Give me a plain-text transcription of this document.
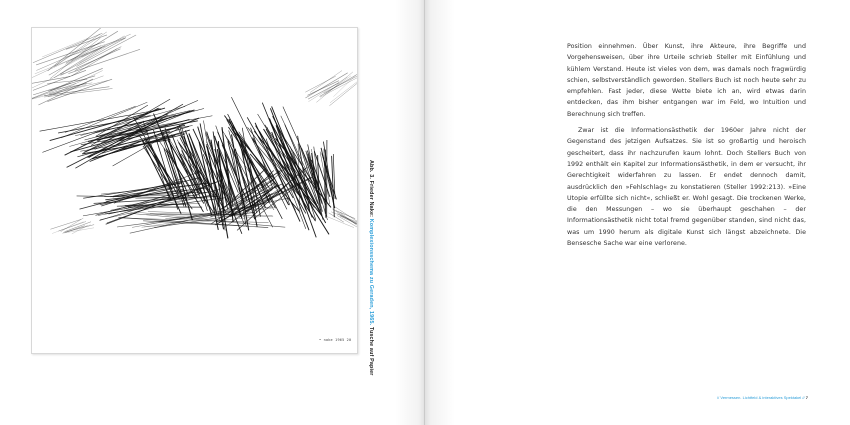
• nake 1965 20
Abb. 3. Frieder Nake: Komplexionsschema zu Geraden, 1965. Tusche auf Papier

Position einnehmen. Über Kunst, ihre Akteure, ihre Begriffe und Vorgehensweisen, über ihre Urteile schrieb Steller mit Einfühlung und kühlem Verstand. Heute ist vieles von dem, was damals noch fragwürdig schien, selbstverständlich geworden. Stellers Buch ist noch heute sehr zu empfehlen. Fast jeder, diese Wette biete ich an, wird etwas darin entdecken, das ihm bisher entgangen war im Feld, wo Intuition und Berechnung sich treffen.

Zwar ist die Informationsästhetik der 1960er Jahre nicht der Gegenstand des jetzigen Aufsatzes. Sie ist so großartig und heroisch gescheitert, dass ihr nachzurufen kaum lohnt. Doch Stellers Buch von 1992 enthält ein Kapitel zur Informationsästhetik, in dem er versucht, ihr Gerechtigkeit widerfahren zu lassen. Er endet dennoch damit, ausdrücklich den »Fehlschlag« zu konstatieren (Steller 1992:213). »Eine Utopie erfüllte sich nicht«, schließt er. Wohl gesagt. Die trockenen Werke, die den Messungen – wo sie überhaupt geschahen – der Informationsästhetik nicht total fremd gegenüber standen, sind nicht das, was um 1990 herum als digitale Kunst sich längst abzeichnete. Die Bensesche Sache war eine verlorene.

// Vermessen. Lichtfeld & interaktives Spektakel // 7
